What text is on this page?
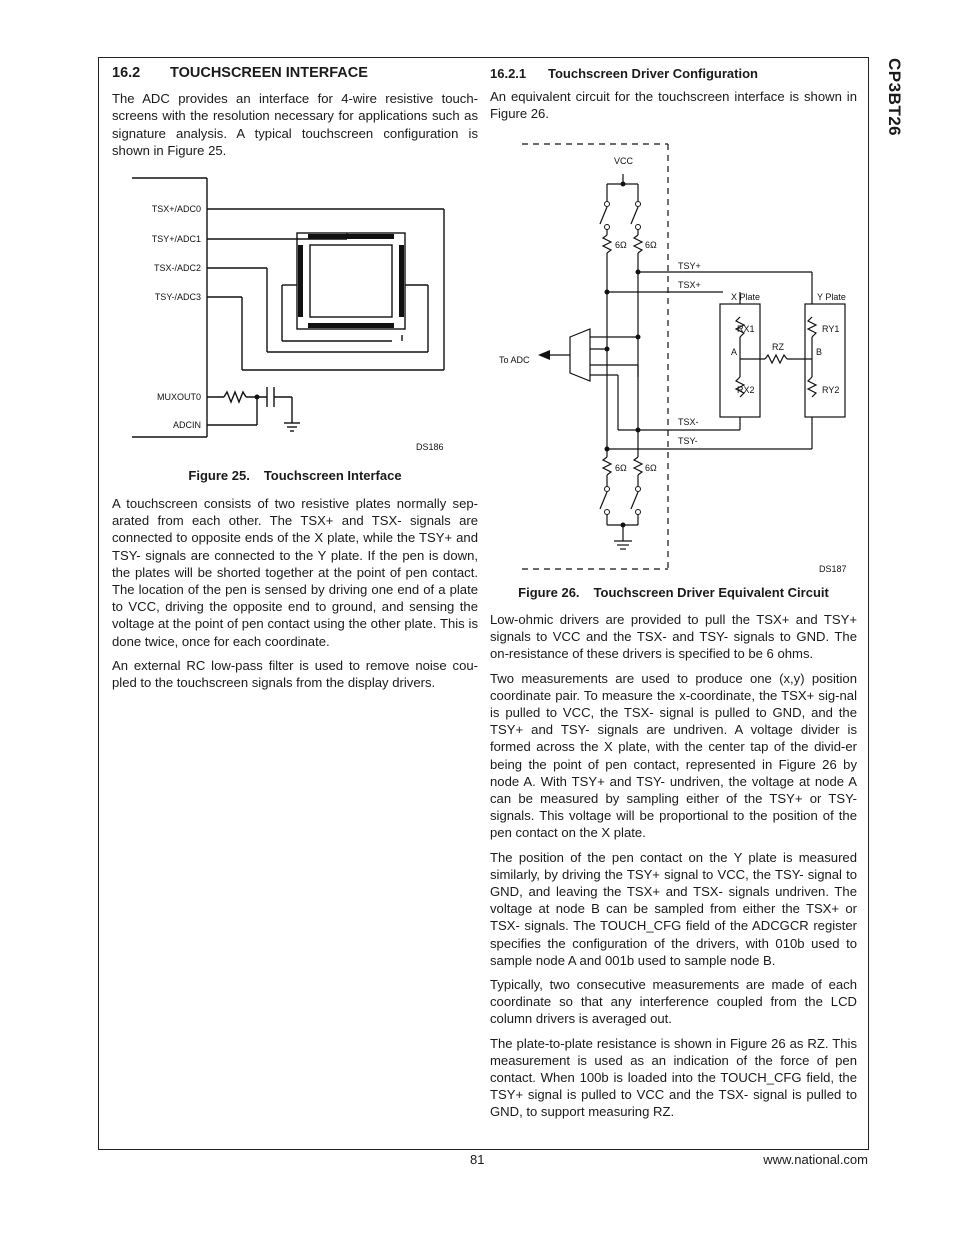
CP3BT26
16.2 TOUCHSCREEN INTERFACE

The ADC provides an interface for 4-wire resistive touch-screens with the resolution necessary for applications such as signature analysis. A typical touchscreen configuration is shown in Figure 25.

TSX+/ADC0
TSY+/ADC1
TSX-/ADC2
TSY-/ADC3
MUXOUT0
ADCIN
DS186

Figure 25. Touchscreen Interface

A touchscreen consists of two resistive plates normally sep-arated from each other. The TSX+ and TSX- signals are connected to opposite ends of the X plate, while the TSY+ and TSY- signals are connected to the Y plate. If the pen is down, the plates will be shorted together at the point of pen contact. The location of the pen is sensed by driving one end of a plate to VCC, driving the opposite end to ground, and sensing the voltage at the point of pen contact using the other plate. This is done twice, once for each coordinate.

An external RC low-pass filter is used to remove noise cou-pled to the touchscreen signals from the display drivers.

16.2.1 Touchscreen Driver Configuration

An equivalent circuit for the touchscreen interface is shown in Figure 26.

VCC
6Ω 6Ω
TSY+
TSX+
X Plate	Y Plate
RX1	RY1
A	B
RZ
RX2	RY2
To ADC
TSX-
TSY-
6Ω 6Ω
DS187

Figure 26. Touchscreen Driver Equivalent Circuit

Low-ohmic drivers are provided to pull the TSX+ and TSY+ signals to VCC and the TSX- and TSY- signals to GND. The on-resistance of these drivers is specified to be 6 ohms.

Two measurements are used to produce one (x,y) position coordinate pair. To measure the x-coordinate, the TSX+ sig-nal is pulled to VCC, the TSX- signal is pulled to GND, and the TSY+ and TSY- signals are undriven. A voltage divider is formed across the X plate, with the center tap of the divid-er being the point of pen contact, represented in Figure 26 by node A. With TSY+ and TSY- undriven, the voltage at node A can be measured by sampling either of the TSY+ or TSY- signals. This voltage will be proportional to the position of the pen contact on the X plate.

The position of the pen contact on the Y plate is measured similarly, by driving the TSY+ signal to VCC, the TSY- signal to GND, and leaving the TSX+ and TSX- signals undriven. The voltage at node B can be sampled from either the TSX+ or TSX- signals. The TOUCH_CFG field of the ADCGCR register specifies the configuration of the drivers, with 010b used to sample node A and 001b used to sample node B.

Typically, two consecutive measurements are made of each coordinate so that any interference coupled from the LCD column drivers is averaged out.

The plate-to-plate resistance is shown in Figure 26 as RZ. This measurement is used as an indication of the force of pen contact. When 100b is loaded into the TOUCH_CFG field, the TSY+ signal is pulled to VCC and the TSX- signal is pulled to GND, to support measuring RZ.

81	www.national.com
